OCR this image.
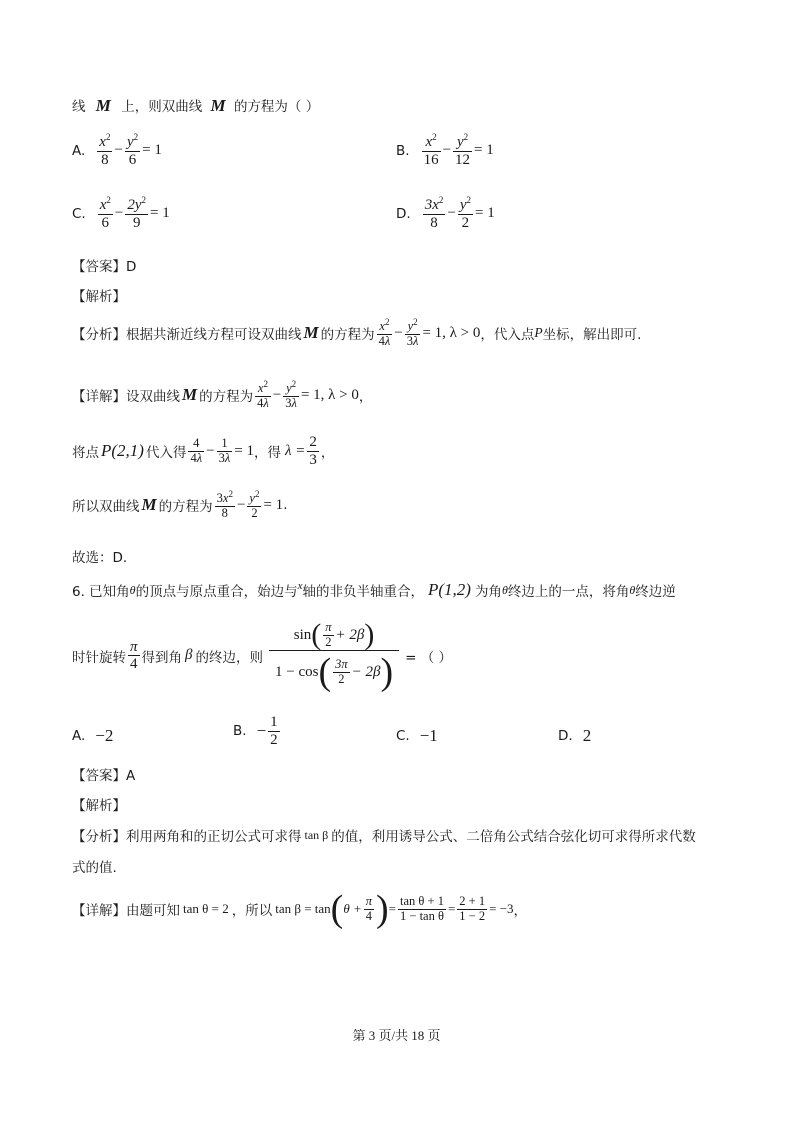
线 M 上，则双曲线 M 的方程为（ ）
A. $\frac{x^2}{8} - \frac{y^2}{6} = 1$	B. $\frac{x^2}{16} - \frac{y^2}{12} = 1$
C. $\frac{x^2}{6} - \frac{2y^2}{9} = 1$	D. $\frac{3x^2}{8} - \frac{y^2}{2} = 1$
【答案】D
【解析】
【分析】 根据共渐近线方程可设双曲线 M 的方程为 $\frac{x^2}{4\lambda} - \frac{y^2}{3\lambda} = 1$, λ > 0 ，代入点 P 坐标，解出即可.
【详解】 设双曲线 M 的方程为 $\frac{x^2}{4\lambda} - \frac{y^2}{3\lambda} = 1$, λ > 0 ，
将点 P(2,1) 代入得 $\frac{4}{4\lambda} - \frac{1}{3\lambda} = 1$ ，得 $\lambda = \frac{2}{3}$ ，
所以双曲线 M 的方程为 $\frac{3x^2}{8} - \frac{y^2}{2} = 1$ .
故选：D.
6. 已知角 θ 的顶点与原点重合，始边与 x 轴的非负半轴重合， P(1,2) 为角 θ 终边上的一点，将角 θ 终边逆
时针旋转 $\frac{\pi}{4}$ 得到角 β 的终边，则 $\frac{\sin ( \frac{\pi}{2} + 2\beta )}{1 - \cos ( \frac{3\pi}{2} - 2\beta )}$ = （ ）
A. −2	B. − $\frac{1}{2}$	C. −1	D. 2
【答案】A
【解析】
【分析】 利用两角和的正切公式可求得 tan β 的值，利用诱导公式、二倍角公式结合弦化切可求得所求代数
式的值.
【详解】 由题可知 tan θ = 2 ，所以 tan β = tan ( $\theta + \frac{\pi}{4}$ ) = $\frac{\text{tan θ + 1}}{\text{1 − tan θ}} = \frac{2 + 1}{1 - 2} = -3$ ，
第 3 页/共 18 页
